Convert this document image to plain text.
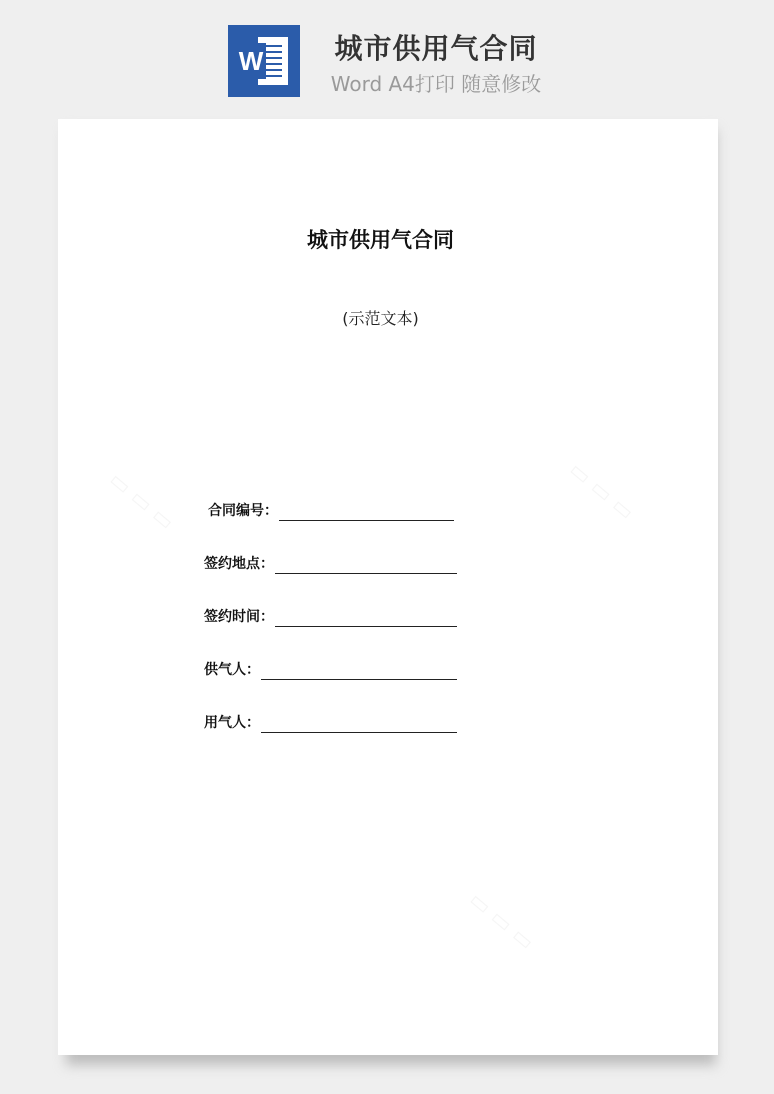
W	城市供用气合同
Word A4打印 随意修改
城市供用气合同
(示范文本)
合同编号：
签约地点：
签约时间：
供气人：
用气人：
